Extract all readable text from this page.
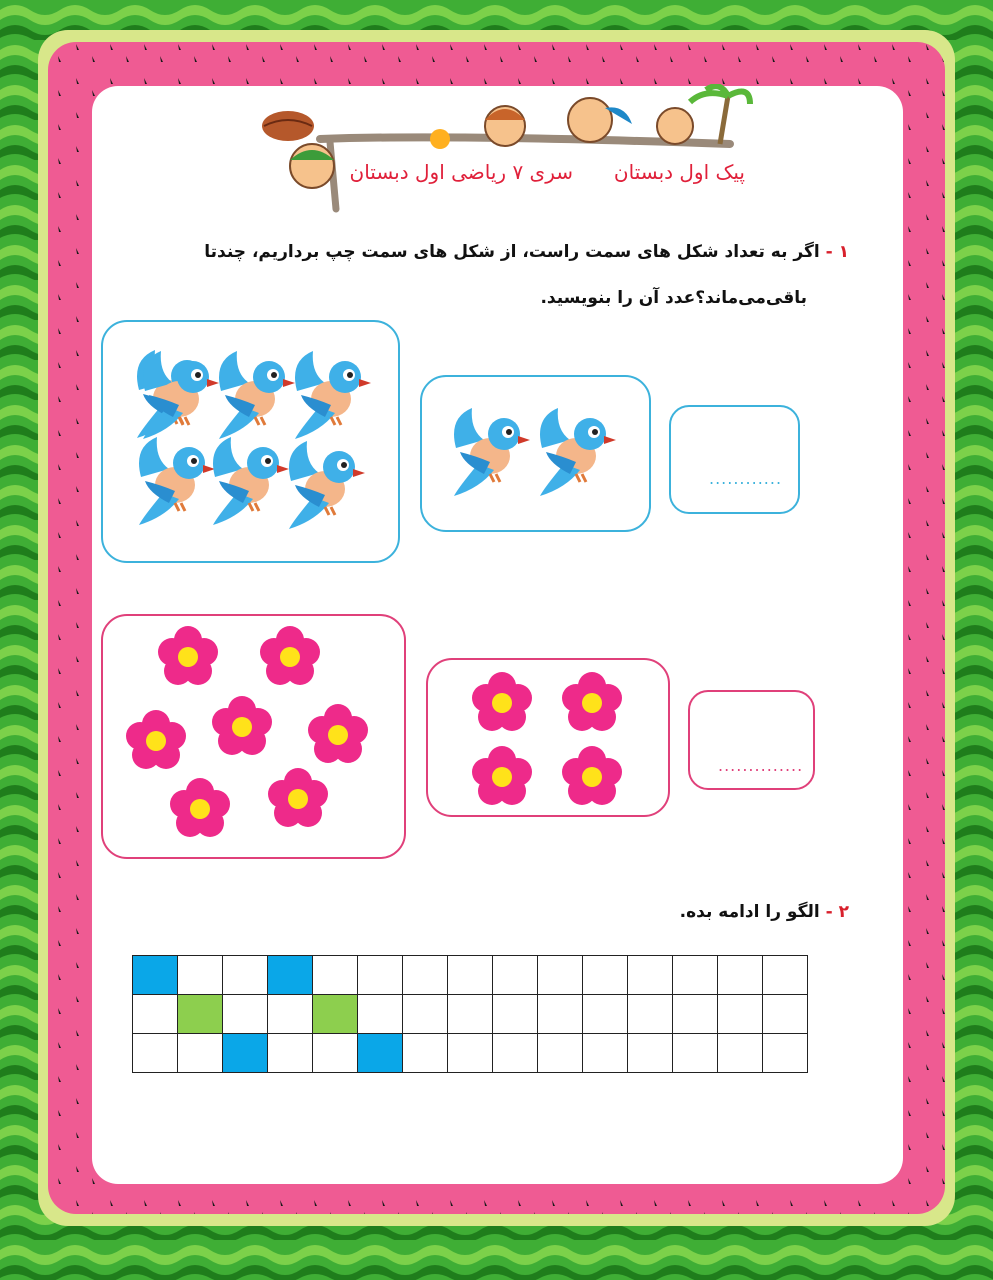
پیک اول دبستان
سری ۷ ریاضی اول دبستان
۱ - اگر به تعداد شکل های سمت راست، از شکل های سمت چپ برداریم، چندتا
باقی‌می‌ماند؟عدد آن را بنویسید.
............
..............
۲ - الگو را ادامه بده.
